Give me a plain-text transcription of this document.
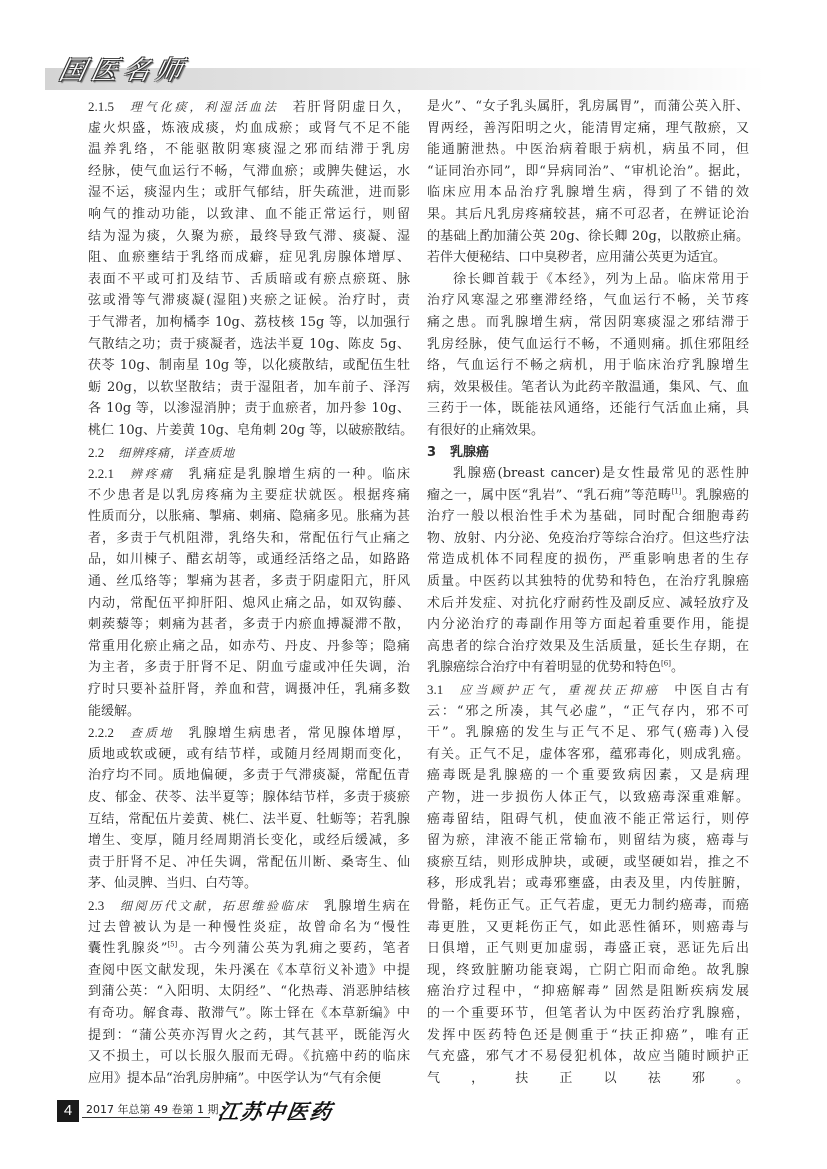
国医名师
2.1.5 理气化痰，利湿活血法 若肝肾阴虚日久，
虚火炽盛，炼液成痰，灼血成瘀；或肾气不足不能
温养乳络，不能驱散阴寒痰湿之邪而结滞于乳房
经脉，使气血运行不畅，气滞血瘀；或脾失健运，水
湿不运，痰湿内生；或肝气郁结，肝失疏泄，进而影
响气的推动功能，以致津、血不能正常运行，则留
结为湿为痰，久聚为瘀，最终导致气滞、痰凝、湿
阻、血瘀壅结于乳络而成癖，症见乳房腺体增厚、
表面不平或可扪及结节、舌质暗或有瘀点瘀斑、脉
弦或滑等气滞痰凝(湿阻)夹瘀之证候。治疗时，责
于气滞者，加枸橘李 10g、荔枝核 15g 等，以加强行
气散结之功；责于痰凝者，选法半夏 10g、陈皮 5g、
茯苓 10g、制南星 10g 等，以化痰散结，或配伍生牡
蛎 20g，以软坚散结；责于湿阻者，加车前子、泽泻
各 10g 等，以渗湿消肿；责于血瘀者，加丹参 10g、
桃仁 10g、片姜黄 10g、皂角刺 20g 等，以破瘀散结。
2.2 细辨疼痛，详查质地
2.2.1 辨疼痛 乳痛症是乳腺增生病的一种。临床
不少患者是以乳房疼痛为主要症状就医。根据疼痛
性质而分，以胀痛、掣痛、刺痛、隐痛多见。胀痛为甚
者，多责于气机阻滞，乳络失和，常配伍行气止痛之
品，如川楝子、醋玄胡等，或通经活络之品，如路路
通、丝瓜络等；掣痛为甚者，多责于阴虚阳亢，肝风
内动，常配伍平抑肝阳、熄风止痛之品，如双钩藤、
刺蒺藜等；刺痛为甚者，多责于内瘀血搏凝滞不散，
常重用化瘀止痛之品，如赤芍、丹皮、丹参等；隐痛
为主者，多责于肝肾不足、阴血亏虚或冲任失调，治
疗时只要补益肝肾，养血和营，调摄冲任，乳痛多数
能缓解。
2.2.2 查质地 乳腺增生病患者，常见腺体增厚，
质地或软或硬，或有结节样，或随月经周期而变化，
治疗均不同。质地偏硬，多责于气滞痰凝，常配伍青
皮、郁金、茯苓、法半夏等；腺体结节样，多责于痰瘀
互结，常配伍片姜黄、桃仁、法半夏、牡蛎等；若乳腺
增生、变厚，随月经周期消长变化，或经后缓减，多
责于肝肾不足、冲任失调，常配伍川断、桑寄生、仙
茅、仙灵脾、当归、白芍等。
2.3 细阅历代文献，拓思维验临床 乳腺增生病在
过去曾被认为是一种慢性炎症，故曾命名为“慢性
囊性乳腺炎”[5]。古今列蒲公英为乳痈之要药，笔者
查阅中医文献发现，朱丹溪在《本草衍义补遗》中提
到蒲公英：“入阳明、太阴经”、“化热毒、消恶肿结核
有奇功。解食毒、散滞气”。陈士铎在《本草新编》中
提到：“蒲公英亦泻胃火之药，其气甚平，既能泻火
又不损土，可以长服久服而无碍。《抗癌中药的临床
应用》提本品“治乳房肿痛”。中医学认为“气有余便
是火”、“女子乳头属肝，乳房属胃”，而蒲公英入肝、
胃两经，善泻阳明之火，能清胃定痛，理气散瘀，又
能通腑泄热。中医治病着眼于病机，病虽不同，但
“证同治亦同”，即“异病同治”、“审机论治”。据此，
临床应用本品治疗乳腺增生病，得到了不错的效
果。其后凡乳房疼痛较甚，痛不可忍者，在辨证论治
的基础上酌加蒲公英 20g、徐长卿 20g，以散瘀止痛。
若伴大便秘结、口中臭秽者，应用蒲公英更为适宜。
徐长卿首载于《本经》，列为上品。临床常用于
治疗风寒湿之邪壅滞经络，气血运行不畅，关节疼
痛之患。而乳腺增生病，常因阴寒痰湿之邪结滞于
乳房经脉，使气血运行不畅，不通则痛。抓住邪阻经
络，气血运行不畅之病机，用于临床治疗乳腺增生
病，效果极佳。笔者认为此药辛散温通，集风、气、血
三药于一体，既能祛风通络，还能行气活血止痛，具
有很好的止痛效果。
3 乳腺癌
乳腺癌(breast cancer)是女性最常见的恶性肿
瘤之一，属中医“乳岩”、“乳石痈”等范畴[1]。乳腺癌的
治疗一般以根治性手术为基础，同时配合细胞毒药
物、放射、内分泌、免疫治疗等综合治疗。但这些疗法
常造成机体不同程度的损伤，严重影响患者的生存
质量。中医药以其独特的优势和特色，在治疗乳腺癌
术后并发症、对抗化疗耐药性及副反应、减轻放疗及
内分泌治疗的毒副作用等方面起着重要作用，能提
高患者的综合治疗效果及生活质量，延长生存期，在
乳腺癌综合治疗中有着明显的优势和特色[6]。
3.1 应当顾护正气，重视扶正抑癌 中医自古有
云：“邪之所凑，其气必虚”，“正气存内，邪不可
干”。乳腺癌的发生与正气不足、邪气(癌毒)入侵
有关。正气不足，虚体客邪，蕴邪毒化，则成乳癌。
癌毒既是乳腺癌的一个重要致病因素，又是病理
产物，进一步损伤人体正气，以致癌毒深重难解。
癌毒留结，阻碍气机，使血液不能正常运行，则停
留为瘀，津液不能正常输布，则留结为痰，癌毒与
痰瘀互结，则形成肿块，或硬，或坚硬如岩，推之不
移，形成乳岩；或毒邪壅盛，由表及里，内传脏腑，
骨骼，耗伤正气。正气若虚，更无力制约癌毒，而癌
毒更胜，又更耗伤正气，如此恶性循环，则癌毒与
日俱增，正气则更加虚弱，毒盛正衰，恶证先后出
现，终致脏腑功能衰竭，亡阴亡阳而命绝。故乳腺
癌治疗过程中，“抑癌解毒” 固然是阻断疾病发展
的一个重要环节，但笔者认为中医药治疗乳腺癌，
发挥中医药特色还是侧重于“扶正抑癌”，唯有正
气充盛，邪气才不易侵犯机体，故应当随时顾护正
气，扶正以祛邪。
4	2017 年总第 49 卷第 1 期
江苏中医药
